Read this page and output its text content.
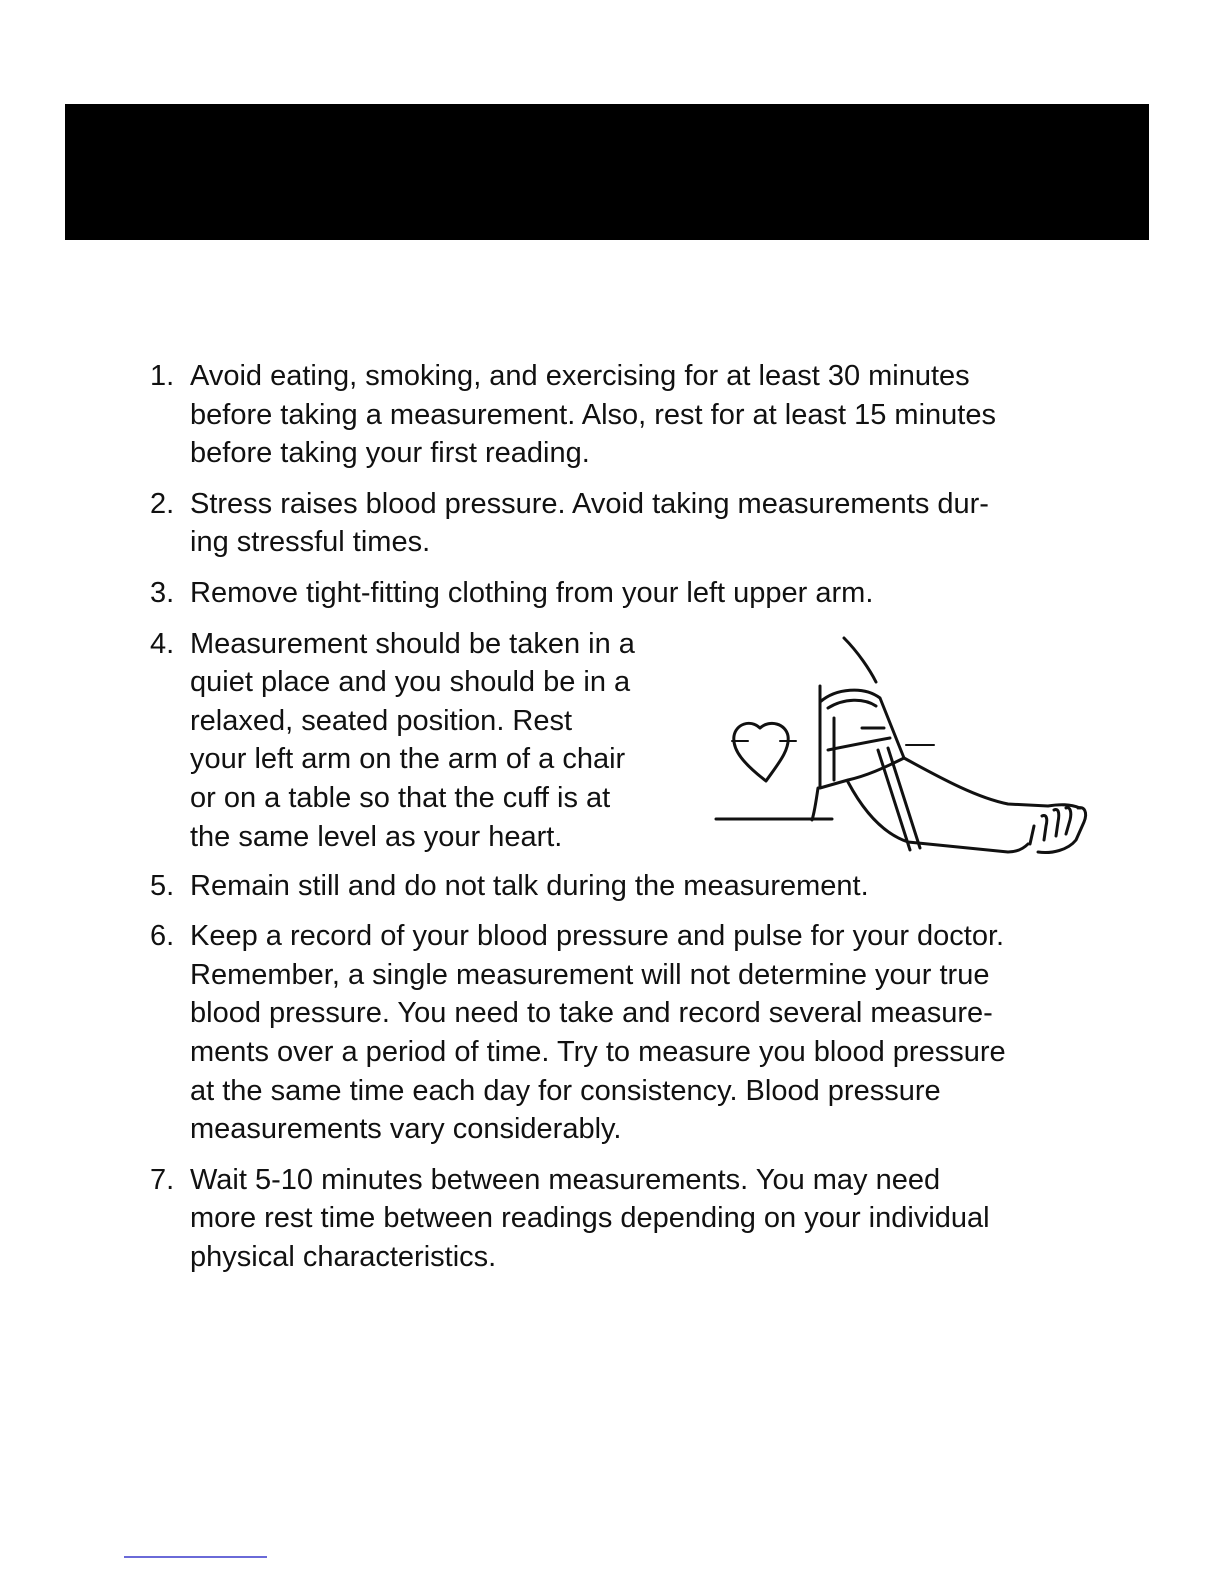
1. Avoid eating, smoking, and exercising for at least 30 minutes
before taking a measurement. Also, rest for at least 15 minutes
before taking your first reading.
2. Stress raises blood pressure. Avoid taking measurements dur-
ing stressful times.
3. Remove tight-fitting clothing from your left upper arm.
4. Measurement should be taken in a
quiet place and you should be in a
relaxed, seated position. Rest
your left arm on the arm of a chair
or on a table so that the cuff is at
the same level as your heart.
5. Remain still and do not talk during the measurement.
6. Keep a record of your blood pressure and pulse for your doctor.
Remember, a single measurement will not determine your true
blood pressure. You need to take and record several measure-
ments over a period of time. Try to measure you blood pressure
at the same time each day for consistency. Blood pressure
measurements vary considerably.
7. Wait 5-10 minutes between measurements. You may need
more rest time between readings depending on your individual
physical characteristics.
